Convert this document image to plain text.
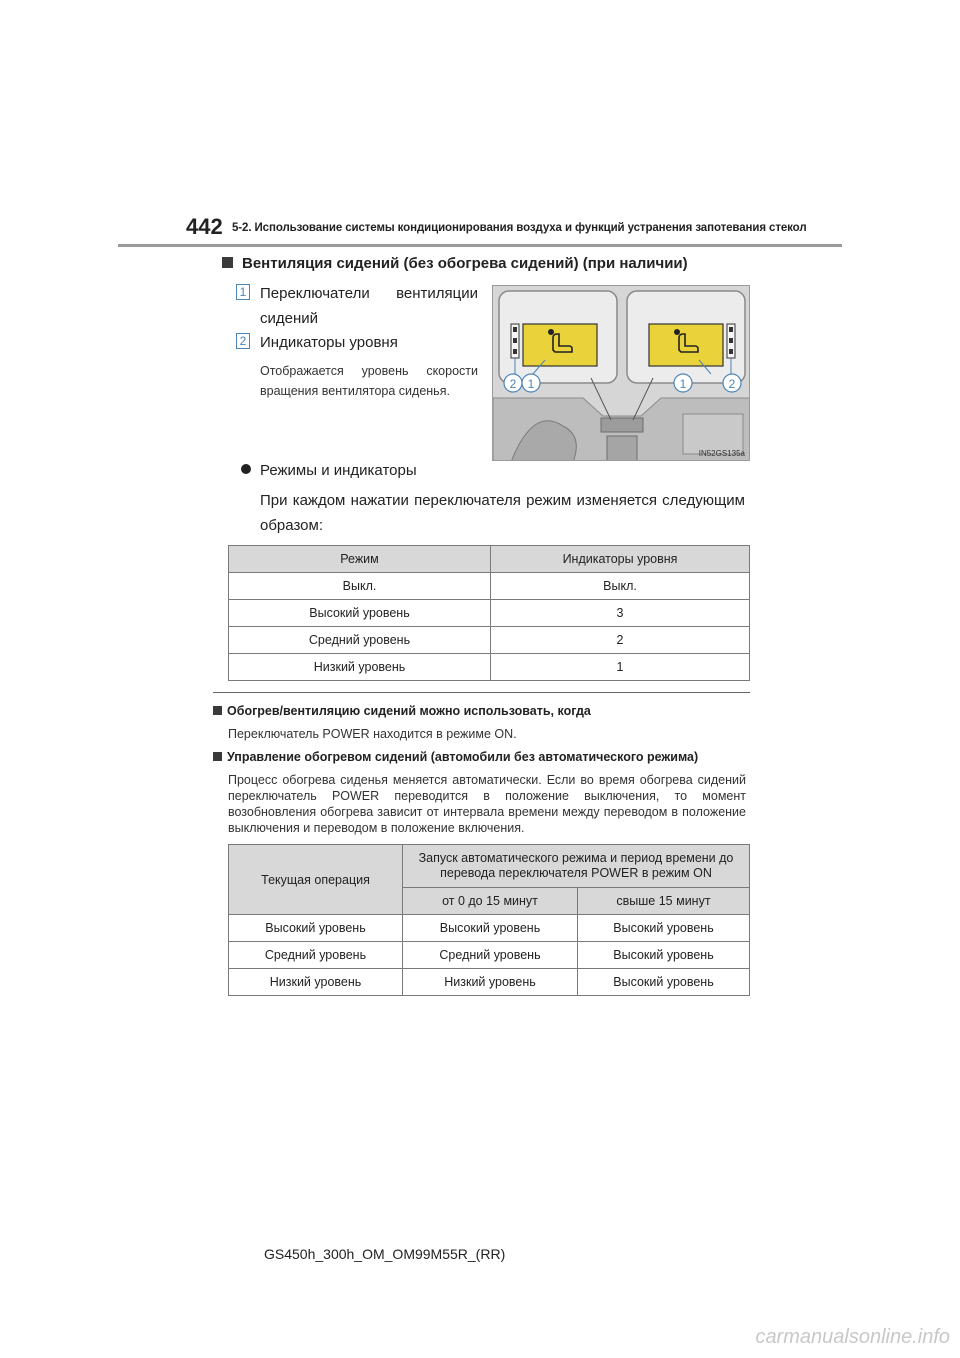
442 5-2. Использование системы кондиционирования воздуха и функций устранения запотевания стекол
Вентиляция сидений (без обогрева сидений) (при наличии)
1 Переключатели вентиляции сидений
2 Индикаторы уровня
Отображается уровень скорости вращения вентилятора сиденья.	2 1	1	2
IN52GS135a
Режимы и индикаторы
При каждом нажатии переключателя режим изменяется следующим образом:
Режим	Индикаторы уровня
Выкл.	Выкл.
Высокий уровень	3
Средний уровень	2
Низкий уровень	1
Обогрев/вентиляцию сидений можно использовать, когда
Переключатель POWER находится в режиме ON.
Управление обогревом сидений (автомобили без автоматического режима)
Процесс обогрева сиденья меняется автоматически. Если во время обогрева сидений переключатель POWER переводится в положение выключения, то момент возобновления обогрева зависит от интервала времени между переводом в положение выключения и переводом в положение включения.
Текущая операция	Запуск автоматического режима и период времени до перевода переключателя POWER в режим ON	
	от 0 до 15 минут	свыше 15 минут
Высокий уровень	Высокий уровень	Высокий уровень
Средний уровень	Средний уровень	Высокий уровень
Низкий уровень	Низкий уровень	Высокий уровень
GS450h_300h_OM_OM99M55R_(RR)
carmanualsonline.info
